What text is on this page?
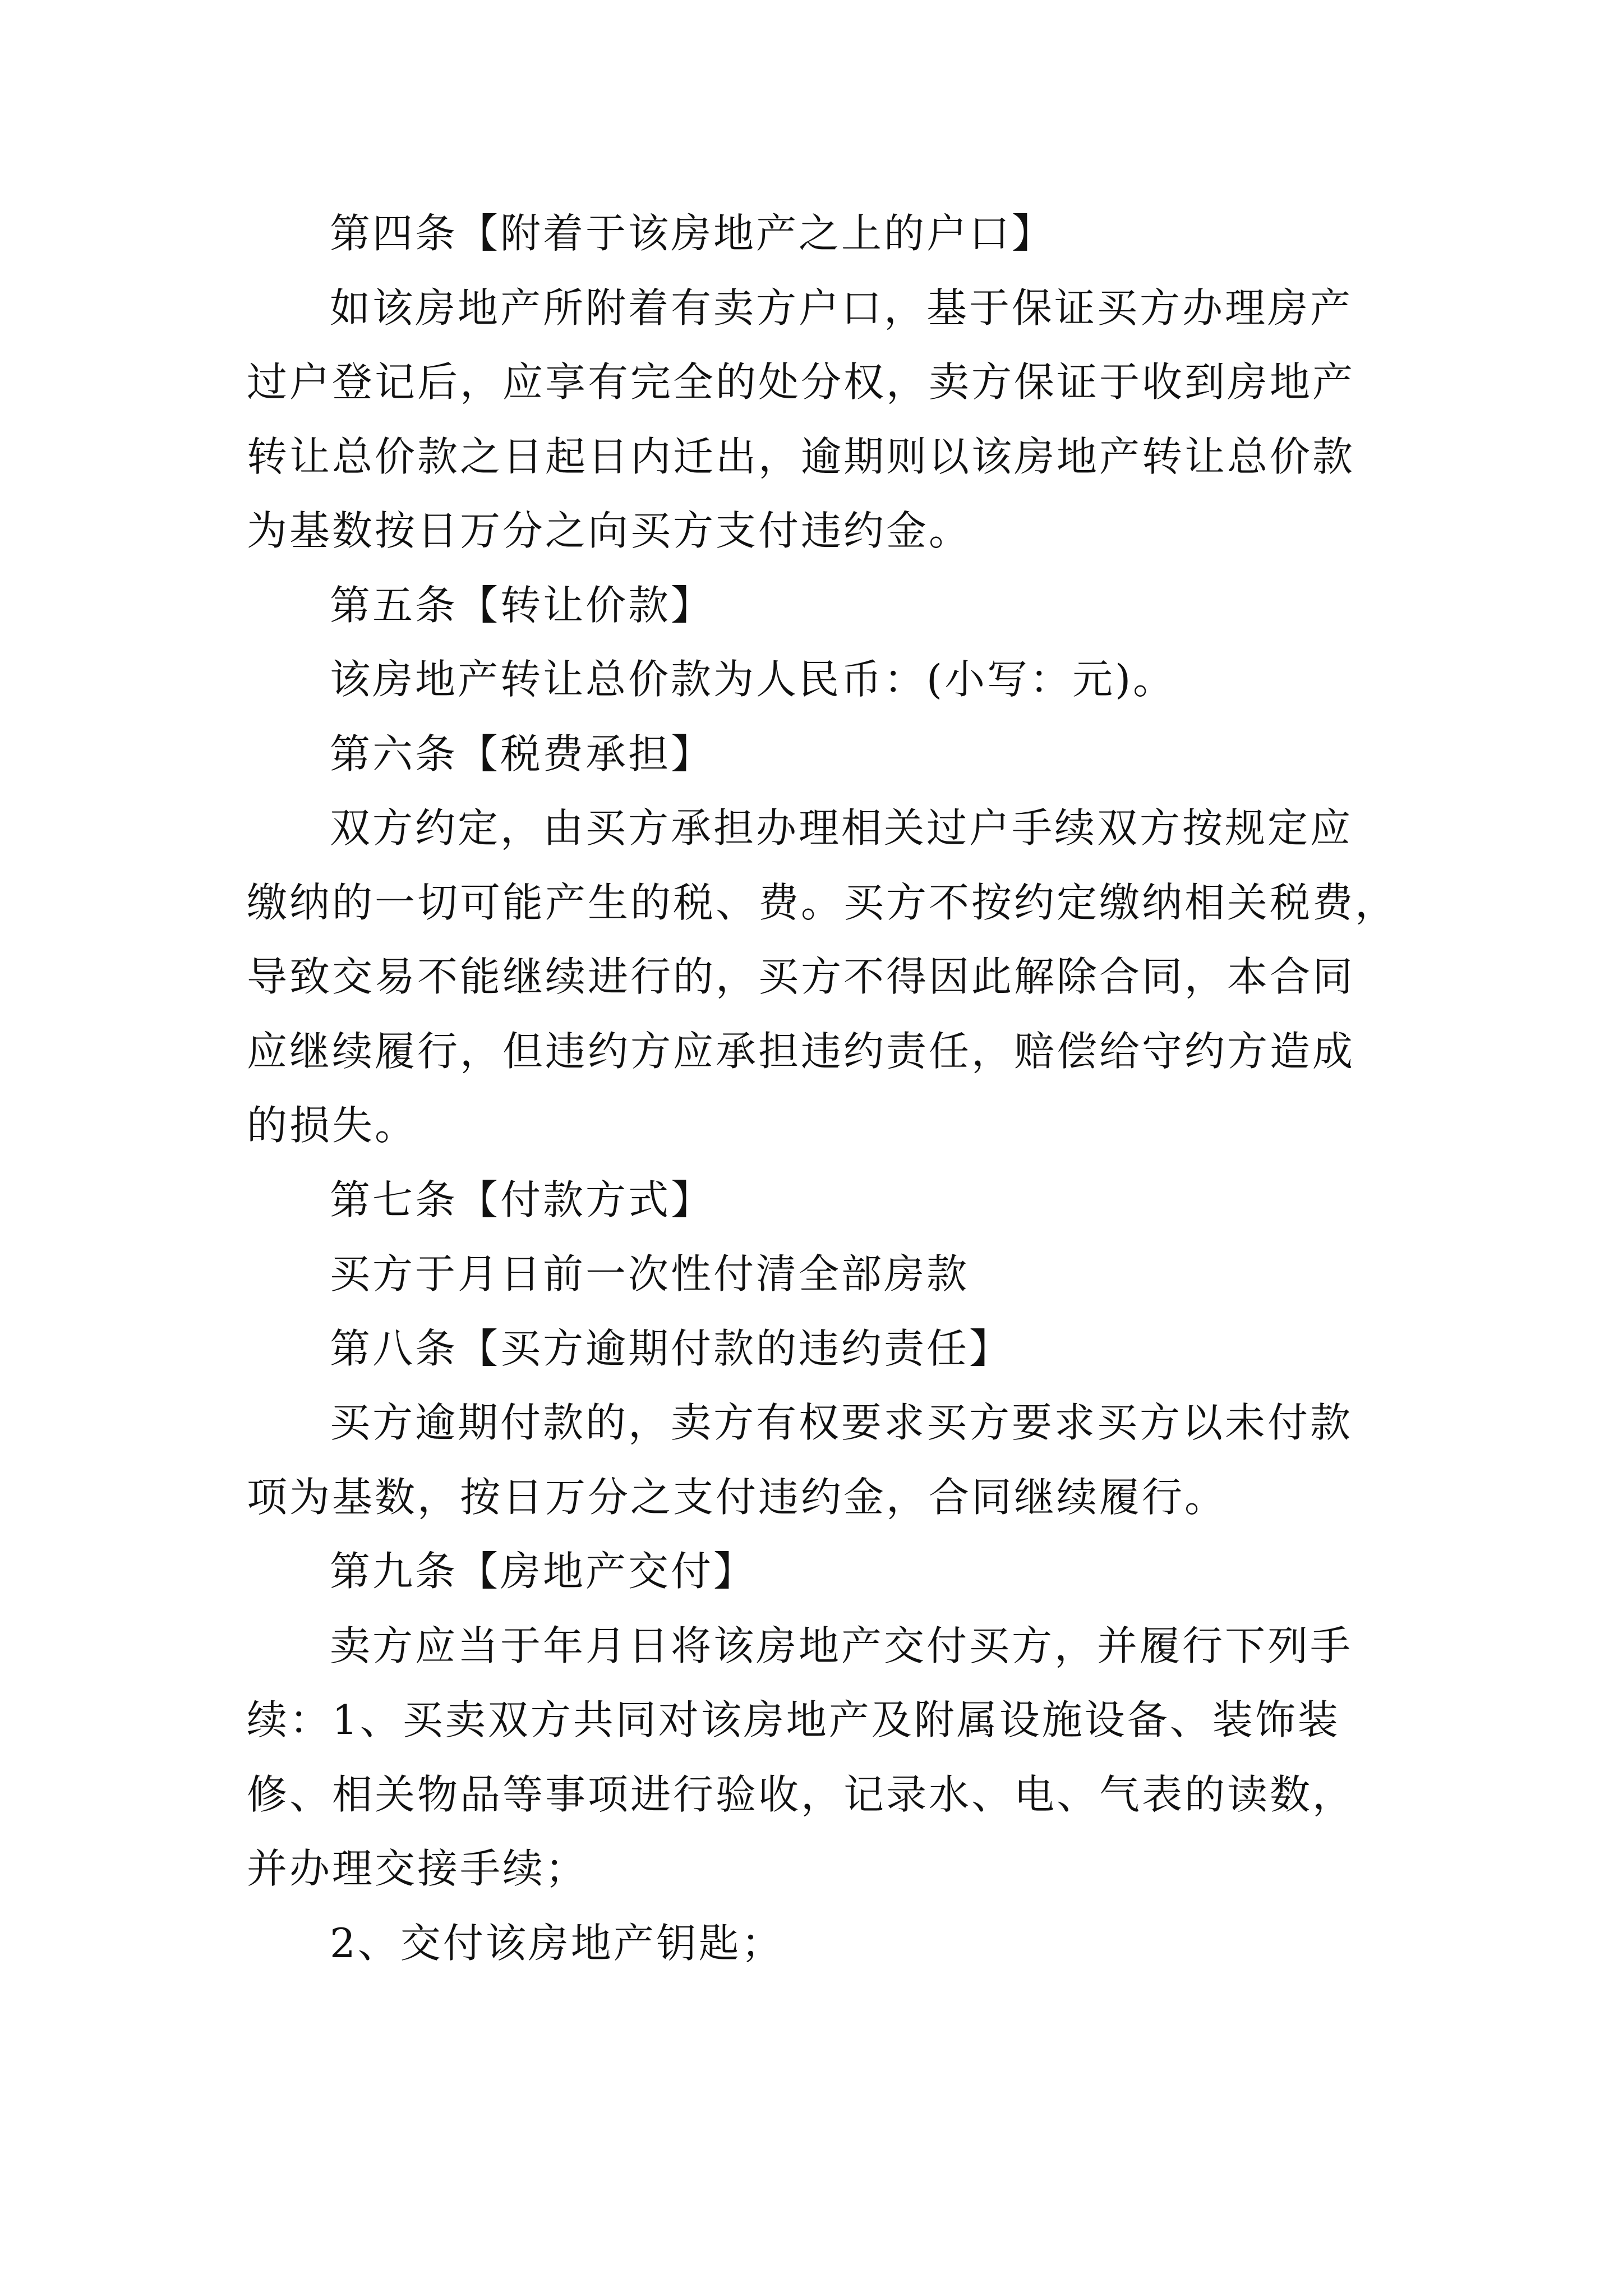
第四条【附着于该房地产之上的户口】
如该房地产所附着有卖方户口，基于保证买方办理房产
过户登记后，应享有完全的处分权，卖方保证于收到房地产
转让总价款之日起日内迁出，逾期则以该房地产转让总价款
为基数按日万分之向买方支付违约金。
第五条【转让价款】
该房地产转让总价款为人民币：(小写：元)。
第六条【税费承担】
双方约定，由买方承担办理相关过户手续双方按规定应
缴纳的一切可能产生的税、费。买方不按约定缴纳相关税费，
导致交易不能继续进行的，买方不得因此解除合同，本合同
应继续履行，但违约方应承担违约责任，赔偿给守约方造成
的损失。
第七条【付款方式】
买方于月日前一次性付清全部房款
第八条【买方逾期付款的违约责任】
买方逾期付款的，卖方有权要求买方要求买方以未付款
项为基数，按日万分之支付违约金，合同继续履行。
第九条【房地产交付】
卖方应当于年月日将该房地产交付买方，并履行下列手
续：1、买卖双方共同对该房地产及附属设施设备、装饰装
修、相关物品等事项进行验收，记录水、电、气表的读数，
并办理交接手续；
2、交付该房地产钥匙；
